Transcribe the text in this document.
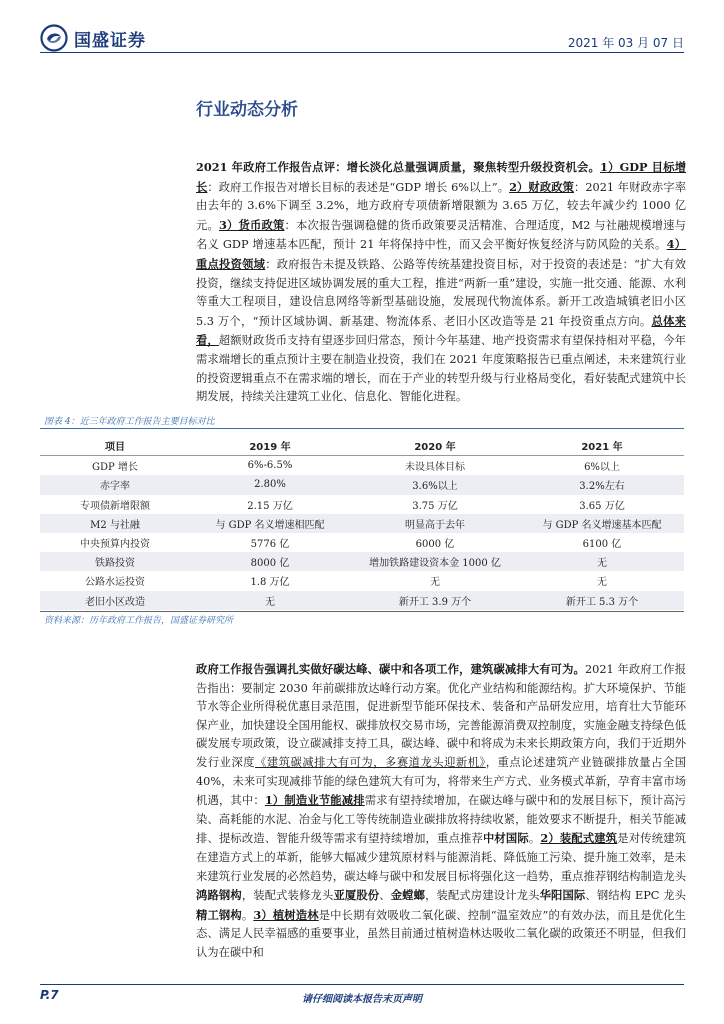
国盛证券	2021 年 03 月 07 日
行业动态分析

2021 年政府工作报告点评：增长淡化总量强调质量，聚焦转型升级投资机会。1）GDP 目标增长：政府工作报告对增长目标的表述是“GDP 增长 6%以上”。2）财政政策：2021 年财政赤字率由去年的 3.6%下调至 3.2%，地方政府专项债新增限额为 3.65 万亿，较去年减少约 1000 亿元。3）货币政策：本次报告强调稳健的货币政策要灵活精准、合理适度，M2 与社融规模增速与名义 GDP 增速基本匹配，预计 21 年将保持中性，而又会平衡好恢复经济与防风险的关系。4）重点投资领域：政府报告未提及铁路、公路等传统基建投资目标，对于投资的表述是：“扩大有效投资，继续支持促进区域协调发展的重大工程，推进“两新一重”建设，实施一批交通、能源、水利等重大工程项目，建设信息网络等新型基础设施，发展现代物流体系。新开工改造城镇老旧小区 5.3 万个，“预计区域协调、新基建、物流体系、老旧小区改造等是 21 年投资重点方向。总体来看，超额财政货币支持有望逐步回归常态，预计今年基建、地产投资需求有望保持相对平稳，今年需求端增长的重点预计主要在制造业投资，我们在 2021 年度策略报告已重点阐述，未来建筑行业的投资逻辑重点不在需求端的增长，而在于产业的转型升级与行业格局变化，看好装配式建筑中长期发展，持续关注建筑工业化、信息化、智能化进程。

图表 4：近三年政府工作报告主要目标对比
项目	2019 年	2020 年	2021 年
GDP 增长	6%-6.5%	未设具体目标	6%以上
赤字率	2.80%	3.6%以上	3.2%左右
专项债新增限额	2.15 万亿	3.75 万亿	3.65 万亿
M2 与社融	与 GDP 名义增速相匹配	明显高于去年	与 GDP 名义增速基本匹配
中央预算内投资	5776 亿	6000 亿	6100 亿
铁路投资	8000 亿	增加铁路建设资本金 1000 亿	无
公路水运投资	1.8 万亿	无	无
老旧小区改造	无	新开工 3.9 万个	新开工 5.3 万个
资料来源：历年政府工作报告，国盛证券研究所

政府工作报告强调扎实做好碳达峰、碳中和各项工作，建筑碳减排大有可为。2021 年政府工作报告指出：要制定 2030 年前碳排放达峰行动方案。优化产业结构和能源结构。扩大环境保护、节能节水等企业所得税优惠目录范围，促进新型节能环保技术、装备和产品研发应用，培育壮大节能环保产业，加快建设全国用能权、碳排放权交易市场，完善能源消费双控制度，实施金融支持绿色低碳发展专项政策，设立碳减排支持工具，碳达峰、碳中和将成为未来长期政策方向，我们于近期外发行业深度《建筑碳减排大有可为，多赛道龙头迎新机》，重点论述建筑产业链碳排放量占全国 40%，未来可实现减排节能的绿色建筑大有可为，将带来生产方式、业务模式革新，孕育丰富市场机遇，其中：1）制造业节能减排需求有望持续增加，在碳达峰与碳中和的发展目标下，预计高污染、高耗能的水泥、冶金与化工等传统制造业碳排放将持续收紧，能效要求不断提升，相关节能减排、提标改造、智能升级等需求有望持续增加，重点推荐中材国际。2）装配式建筑是对传统建筑在建造方式上的革新，能够大幅减少建筑原材料与能源消耗、降低施工污染、提升施工效率，是未来建筑行业发展的必然趋势，碳达峰与碳中和发展目标将强化这一趋势，重点推荐钢结构制造龙头鸿路钢构，装配式装修龙头亚厦股份、金螳螂，装配式房建设计龙头华阳国际、钢结构 EPC 龙头精工钢构。3）植树造林是中长期有效吸收二氧化碳、控制“温室效应”的有效办法，而且是优化生态、满足人民幸福感的重要事业，虽然目前通过植树造林达吸收二氧化碳的政策还不明显，但我们认为在碳中和

P.7	请仔细阅读本报告末页声明
